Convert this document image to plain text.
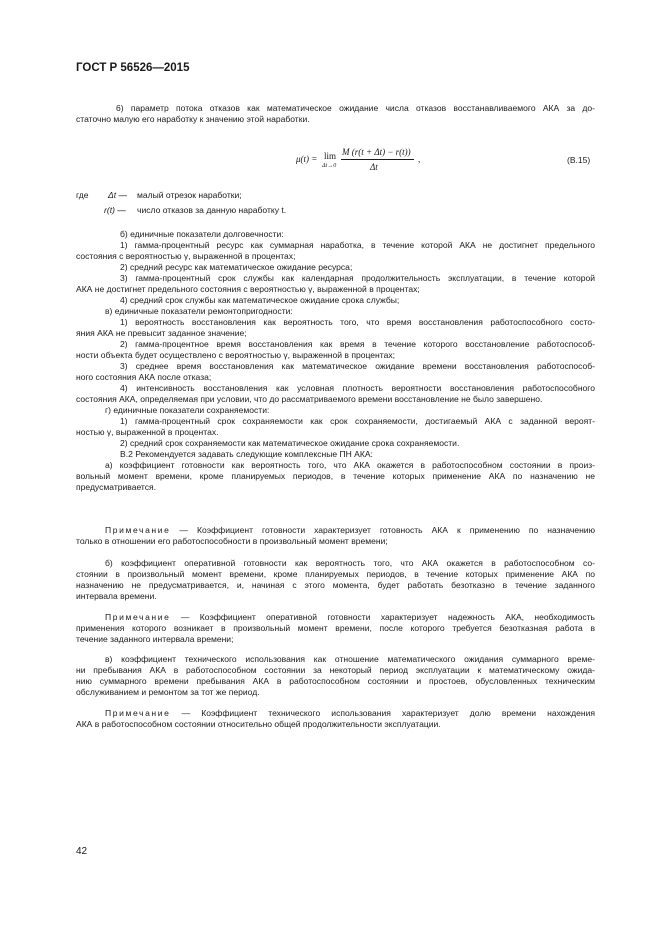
ГОСТ Р 56526—2015
6) параметр потока отказов как математическое ожидание числа отказов восстанавливаемого АКА за до-
статочно малую его наработку к значению этой наработки.
μ(t) = lim
Δt→0
M (r(t + Δt) − r(t))
Δt
,	(В.15)
где Δt — малый отрезок наработки;
r(t) — число отказов за данную наработку t.
б) единичные показатели долговечности:
1) гамма-процентный ресурс как суммарная наработка, в течение которой АКА не достигнет предельного
состояния с вероятностью γ, выраженной в процентах;
2) средний ресурс как математическое ожидание ресурса;
3) гамма-процентный срок службы как календарная продолжительность эксплуатации, в течение которой
АКА не достигнет предельного состояния с вероятностью γ, выраженной в процентах;
4) средний срок службы как математическое ожидание срока службы;
в) единичные показатели ремонтопригодности:
1) вероятность восстановления как вероятность того, что время восстановления работоспособного состо-
яния АКА не превысит заданное значение;
2) гамма-процентное время восстановления как время в течение которого восстановление работоспособ-
ности объекта будет осуществлено с вероятностью γ, выраженной в процентах;
3) среднее время восстановления как математическое ожидание времени восстановления работоспособ-
ного состояния АКА после отказа;
4) интенсивность восстановления как условная плотность вероятности восстановления работоспособного
состояния АКА, определяемая при условии, что до рассматриваемого времени восстановление не было завершено.
г) единичные показатели сохраняемости:
1) гамма-процентный срок сохраняемости как срок сохраняемости, достигаемый АКА с заданной вероят-
ностью γ, выраженной в процентах.
2) средний срок сохраняемости как математическое ожидание срока сохраняемости.
В.2 Рекомендуется задавать следующие комплексные ПН АКА:
а) коэффициент готовности как вероятность того, что АКА окажется в работоспособном состоянии в произ-
вольный момент времени, кроме планируемых периодов, в течение которых применение АКА по назначению не
предусматривается.
Примечание — Коэффициент готовности характеризует готовность АКА к применению по назначению
только в отношении его работоспособности в произвольный момент времени;
б) коэффициент оперативной готовности как вероятность того, что АКА окажется в работоспособном со-
стоянии в произвольный момент времени, кроме планируемых периодов, в течение которых применение АКА по
назначению не предусматривается, и, начиная с этого момента, будет работать безотказно в течение заданного
интервала времени.
Примечание — Коэффициент оперативной готовности характеризует надежность АКА, необходимость
применения которого возникает в произвольный момент времени, после которого требуется безотказная работа в
течение заданного интервала времени;
в) коэффициент технического использования как отношение математического ожидания суммарного време-
ни пребывания АКА в работоспособном состоянии за некоторый период эксплуатации к математическому ожида-
нию суммарного времени пребывания АКА в работоспособном состоянии и простоев, обусловленных техническим
обслуживанием и ремонтом за тот же период.
Примечание — Коэффициент технического использования характеризует долю времени нахождения
АКА в работоспособном состоянии относительно общей продолжительности эксплуатации.
42
